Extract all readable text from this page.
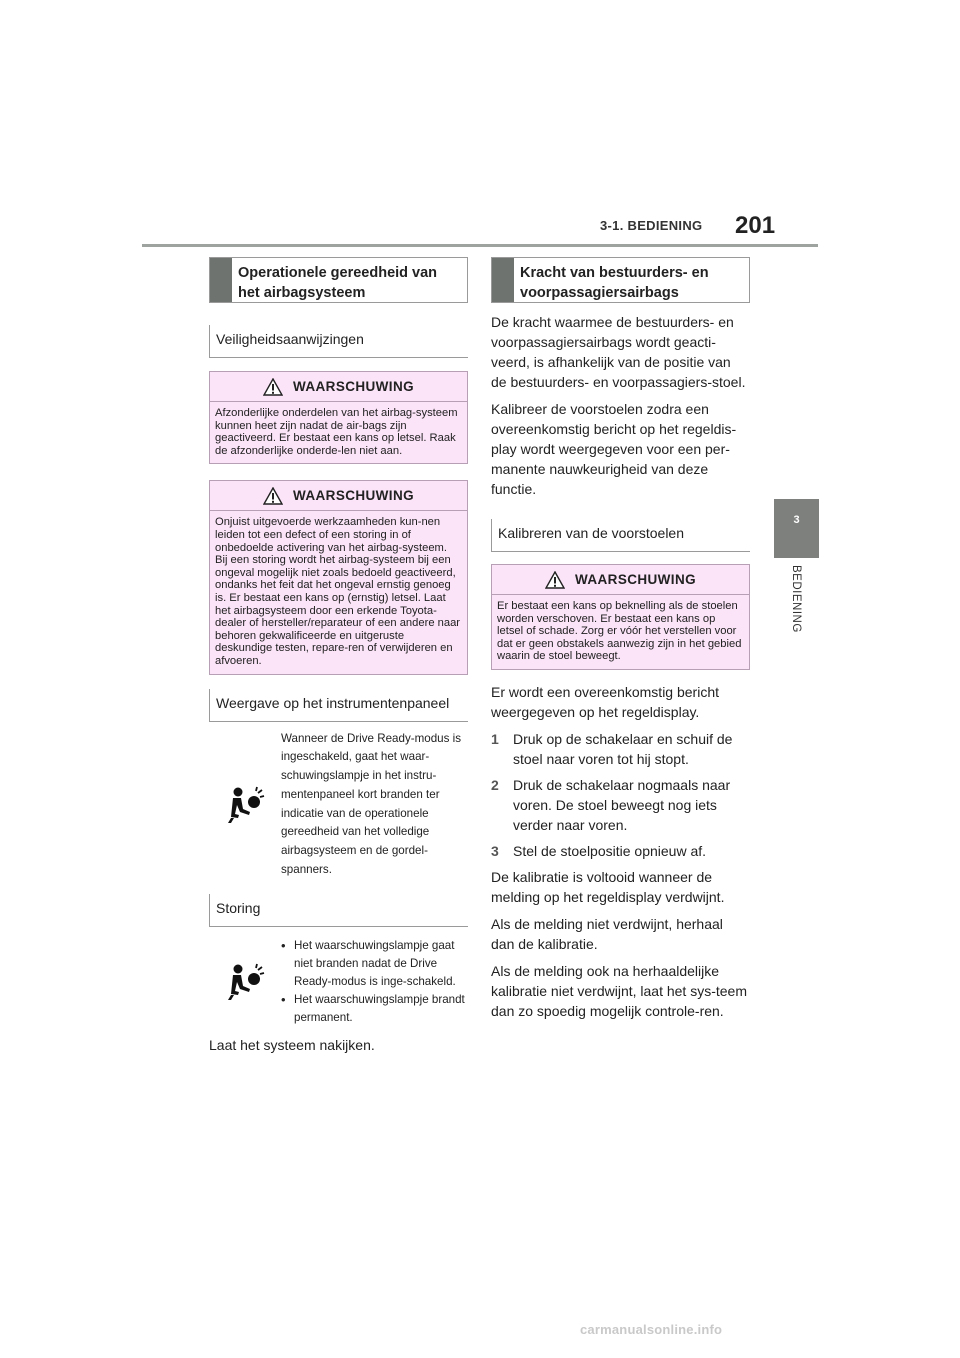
3-1. BEDIENING 201
3
BEDIENING
Operationele gereedheid van het airbagsysteem
Veiligheidsaanwijzingen
WAARSCHUWING
Afzonderlijke onderdelen van het airbag-systeem kunnen heet zijn nadat de air-bags zijn geactiveerd. Er bestaat een kans op letsel. Raak de afzonderlijke onderde-len niet aan.
WAARSCHUWING
Onjuist uitgevoerde werkzaamheden kun-nen leiden tot een defect of een storing in of onbedoelde activering van het airbag-systeem. Bij een storing wordt het airbag-systeem bij een ongeval mogelijk niet zoals bedoeld geactiveerd, ondanks het feit dat het ongeval ernstig genoeg is. Er bestaat een kans op (ernstig) letsel. Laat het airbagsysteem door een erkende Toyota-dealer of hersteller/reparateur of een andere naar behoren gekwalificeerde en uitgeruste deskundige testen, repare-ren of verwijderen en afvoeren.
Weergave op het instrumentenpaneel
Wanneer de Drive Ready-modus is ingeschakeld, gaat het waar-schuwingslampje in het instru-mentenpaneel kort branden ter indicatie van de operationele gereedheid van het volledige airbagsysteem en de gordel-spanners.
Storing
• Het waarschuwingslampje gaat niet branden nadat de Drive Ready-modus is inge-schakeld.
• Het waarschuwingslampje brandt permanent.

Laat het systeem nakijken.

Kracht van bestuurders- en voorpassagiersairbags

De kracht waarmee de bestuurders- en voorpassagiersairbags wordt geacti-veerd, is afhankelijk van de positie van de bestuurders- en voorpassagiers-stoel.

Kalibreer de voorstoelen zodra een overeenkomstig bericht op het regeldis-play wordt weergegeven voor een per-manente nauwkeurigheid van deze functie.

Kalibreren van de voorstoelen
WAARSCHUWING
Er bestaat een kans op beknelling als de stoelen worden verschoven. Er bestaat een kans op letsel of schade. Zorg er vóór het verstellen voor dat er geen obstakels aanwezig zijn in het gebied waarin de stoel beweegt.

Er wordt een overeenkomstig bericht weergegeven op het regeldisplay.

1	Druk op de schakelaar en schuif de stoel naar voren tot hij stopt.
2	Druk de schakelaar nogmaals naar voren. De stoel beweegt nog iets verder naar voren.
3	Stel de stoelpositie opnieuw af.

De kalibratie is voltooid wanneer de melding op het regeldisplay verdwijnt.

Als de melding niet verdwijnt, herhaal dan de kalibratie.

Als de melding ook na herhaaldelijke kalibratie niet verdwijnt, laat het sys-teem dan zo spoedig mogelijk controle-ren.

carmanualsonline.info
